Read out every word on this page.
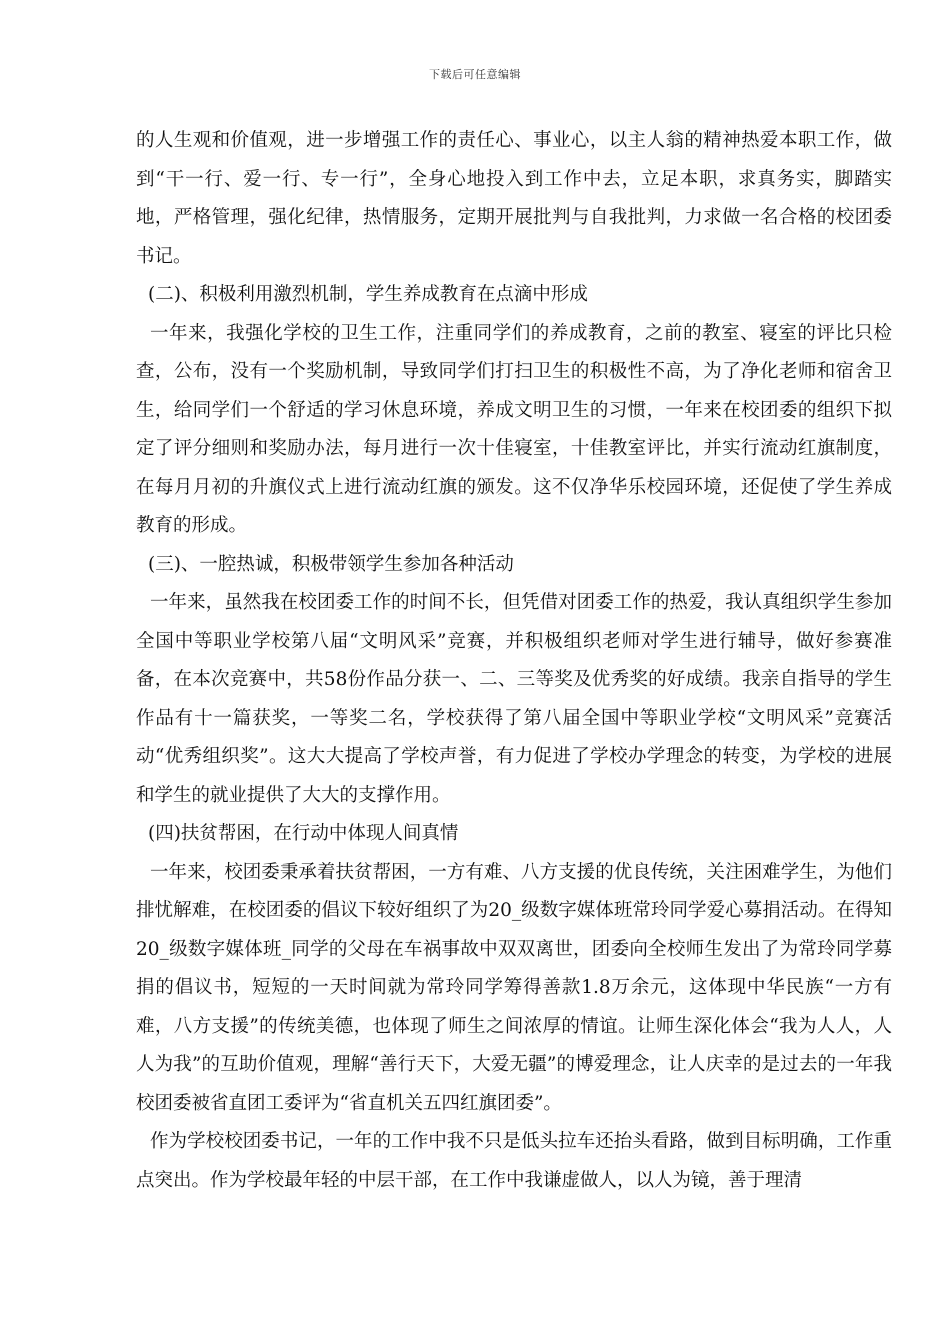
下载后可任意编辑

的人生观和价值观，进一步增强工作的责任心、事业心，以主人翁的精神热爱本职工作，做到“干一行、爱一行、专一行”，全身心地投入到工作中去，立足本职，求真务实，脚踏实地，严格管理，强化纪律，热情服务，定期开展批判与自我批判，力求做一名合格的校团委书记。

(二)、积极利用激烈机制，学生养成教育在点滴中形成

一年来，我强化学校的卫生工作，注重同学们的养成教育，之前的教室、寝室的评比只检查，公布，没有一个奖励机制，导致同学们打扫卫生的积极性不高，为了净化老师和宿舍卫生，给同学们一个舒适的学习休息环境，养成文明卫生的习惯，一年来在校团委的组织下拟定了评分细则和奖励办法，每月进行一次十佳寝室，十佳教室评比，并实行流动红旗制度，在每月月初的升旗仪式上进行流动红旗的颁发。这不仅净华乐校园环境，还促使了学生养成教育的形成。

(三)、一腔热诚，积极带领学生参加各种活动

一年来，虽然我在校团委工作的时间不长，但凭借对团委工作的热爱，我认真组织学生参加全国中等职业学校第八届“文明风采”竞赛，并积极组织老师对学生进行辅导，做好参赛准备，在本次竞赛中，共58份作品分获一、二、三等奖及优秀奖的好成绩。我亲自指导的学生作品有十一篇获奖，一等奖二名，学校获得了第八届全国中等职业学校“文明风采”竞赛活动“优秀组织奖”。这大大提高了学校声誉，有力促进了学校办学理念的转变，为学校的进展和学生的就业提供了大大的支撑作用。

(四)扶贫帮困，在行动中体现人间真情

一年来，校团委秉承着扶贫帮困，一方有难、八方支援的优良传统，关注困难学生，为他们排忧解难，在校团委的倡议下较好组织了为20_级数字媒体班常玲同学爱心募捐活动。在得知20_级数字媒体班_同学的父母在车祸事故中双双离世，团委向全校师生发出了为常玲同学募捐的倡议书，短短的一天时间就为常玲同学筹得善款1.8万余元，这体现中华民族“一方有难，八方支援”的传统美德，也体现了师生之间浓厚的情谊。让师生深化体会“我为人人，人人为我”的互助价值观，理解“善行天下，大爱无疆”的博爱理念，让人庆幸的是过去的一年我校团委被省直团工委评为“省直机关五四红旗团委”。

作为学校校团委书记，一年的工作中我不只是低头拉车还抬头看路，做到目标明确，工作重点突出。作为学校最年轻的中层干部，在工作中我谦虚做人，以人为镜，善于理清
